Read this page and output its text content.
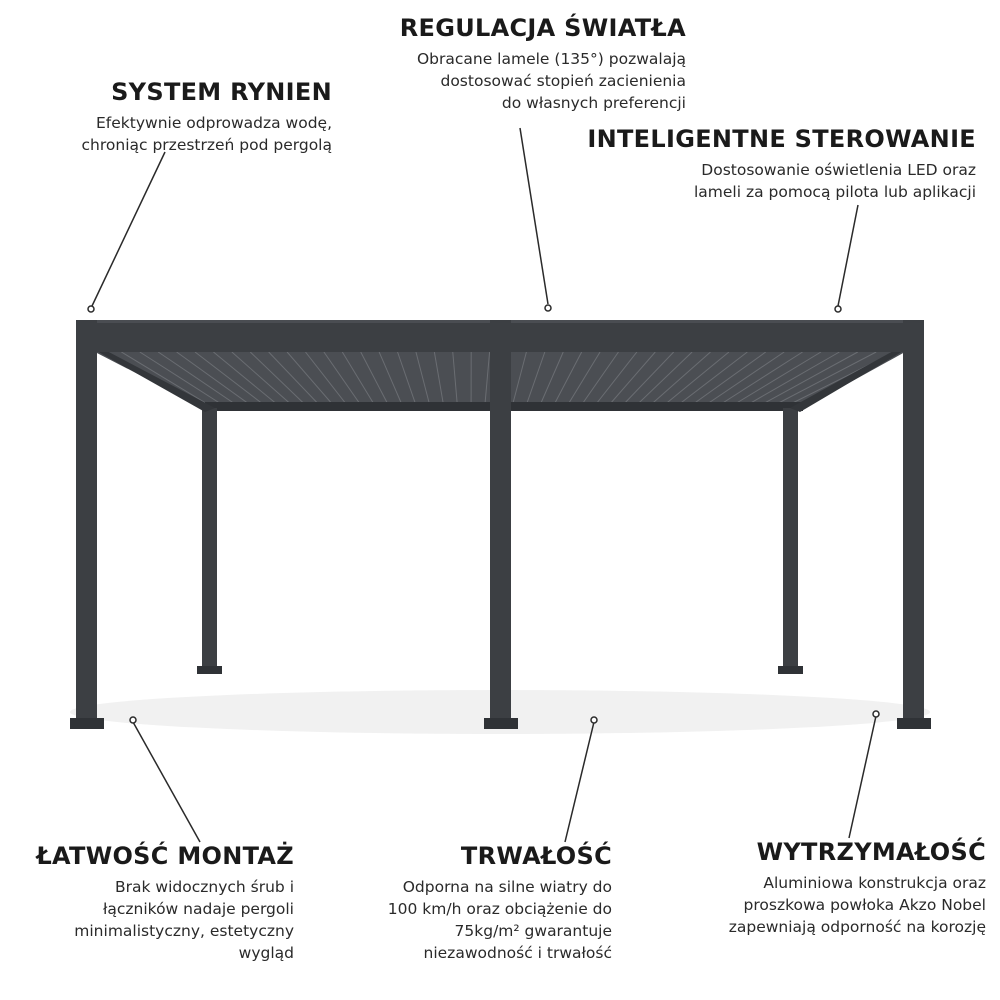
SYSTEM RYNIEN

Efektywnie odprowadza wodę,
chroniąc przestrzeń pod pergolą

REGULACJA ŚWIATŁA

Obracane lamele (135°) pozwalają
dostosować stopień zacienienia
do własnych preferencji

INTELIGENTNE STEROWANIE

Dostosowanie oświetlenia LED oraz
lameli za pomocą pilota lub aplikacji

ŁATWOŚĆ MONTAŻ

Brak widocznych śrub i
łączników nadaje pergoli
minimalistyczny, estetyczny
wygląd

TRWAŁOŚĆ

Odporna na silne wiatry do
100 km/h oraz obciążenie do
75kg/m² gwarantuje
niezawodność i trwałość

WYTRZYMAŁOŚĆ

Aluminiowa konstrukcja oraz
proszkowa powłoka Akzo Nobel
zapewniają odporność na korozję
